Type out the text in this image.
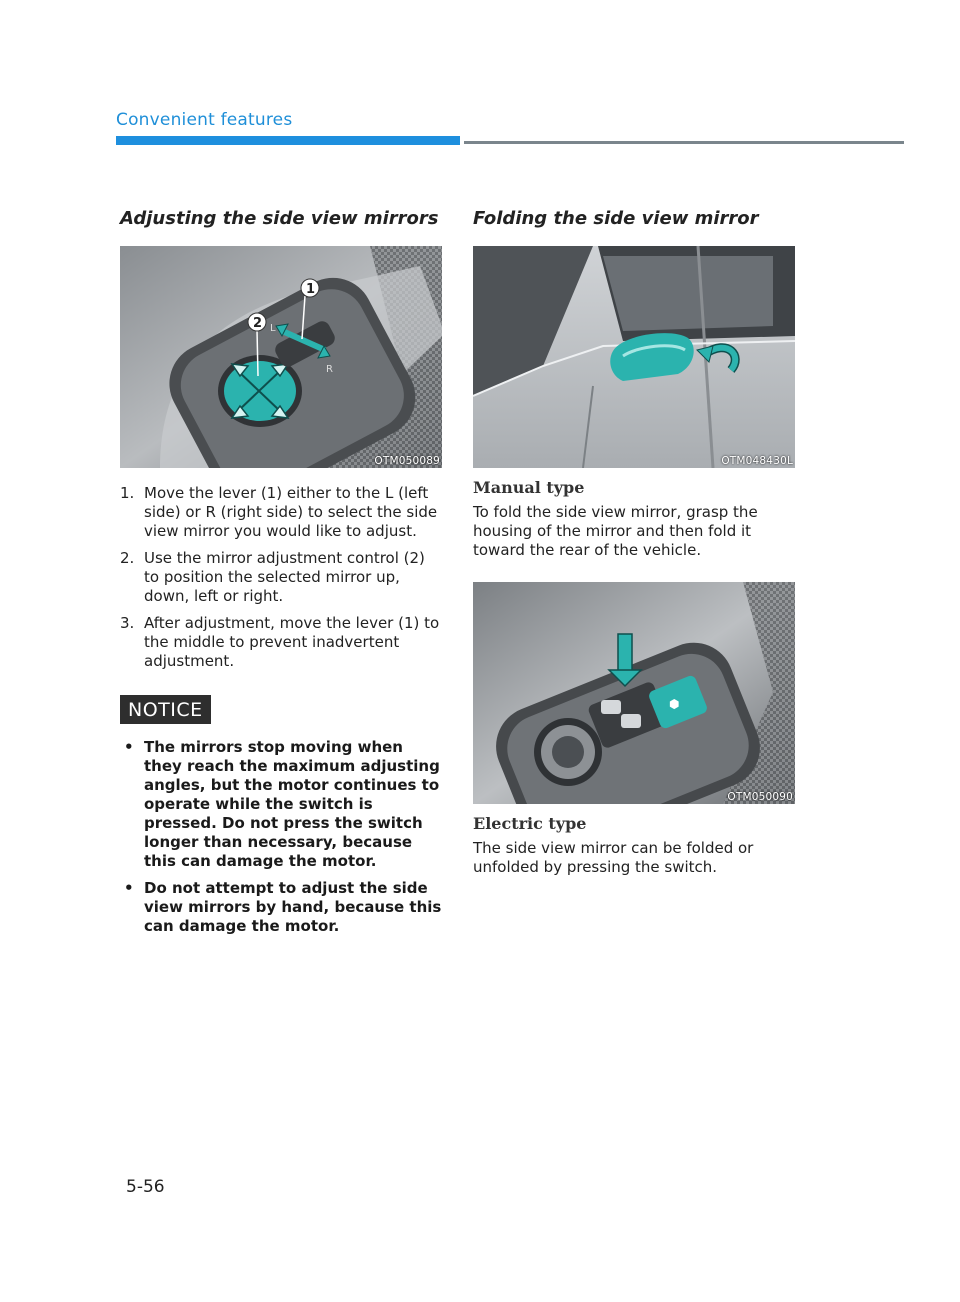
Convenient features
Adjusting the side view mirrors
L
R
1
2
OTM050089
1. Move the lever (1) either to the L (left side) or R (right side) to select the side view mirror you would like to adjust.
2. Use the mirror adjustment control (2) to position the selected mirror up, down, left or right.
3. After adjustment, move the lever (1) to the middle to prevent inadvertent adjustment.
NOTICE
• The mirrors stop moving when they reach the maximum adjusting angles, but the motor continues to operate while the switch is pressed. Do not press the switch longer than necessary, because this can damage the motor.
• Do not attempt to adjust the side view mirrors by hand, because this can damage the motor.
Folding the side view mirror
OTM048430L
Manual type

To fold the side view mirror, grasp the housing of the mirror and then fold it toward the rear of the vehicle.

⬢
OTM050090
Electric type

The side view mirror can be folded or unfolded by pressing the switch.

5-56
